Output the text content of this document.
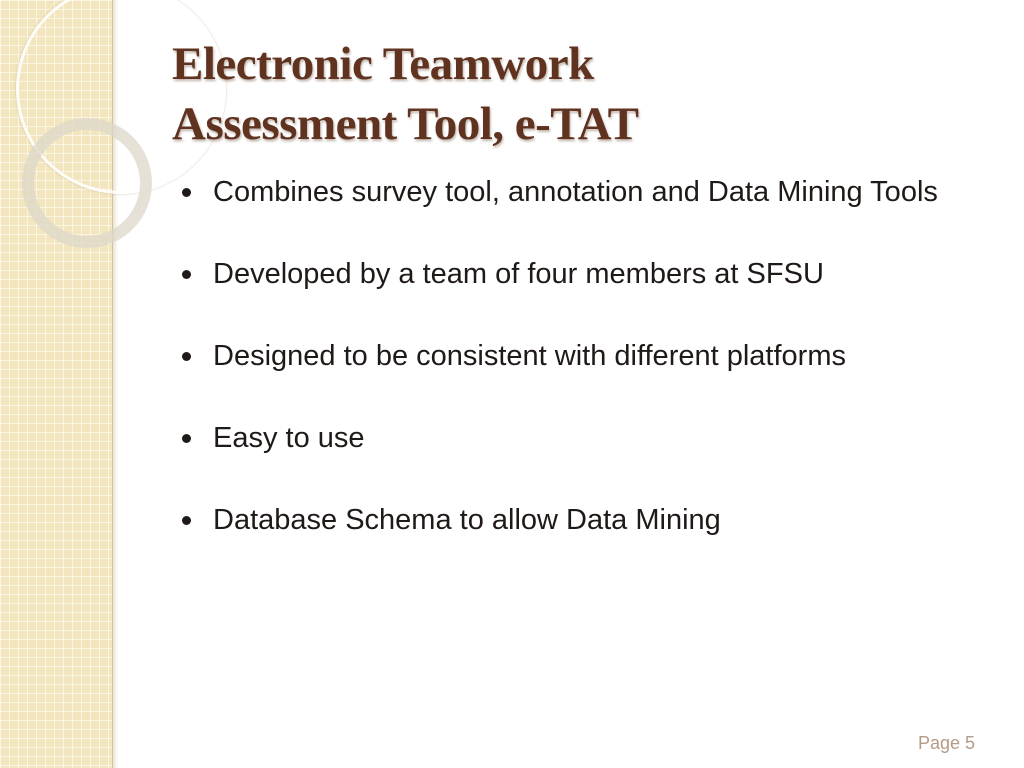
Electronic Teamwork
Assessment Tool, e-TAT
Combines survey tool, annotation and Data Mining Tools
Developed by a team of four members at SFSU
Designed to be consistent with different platforms
Easy to use
Database Schema to allow Data Mining
Page 5
